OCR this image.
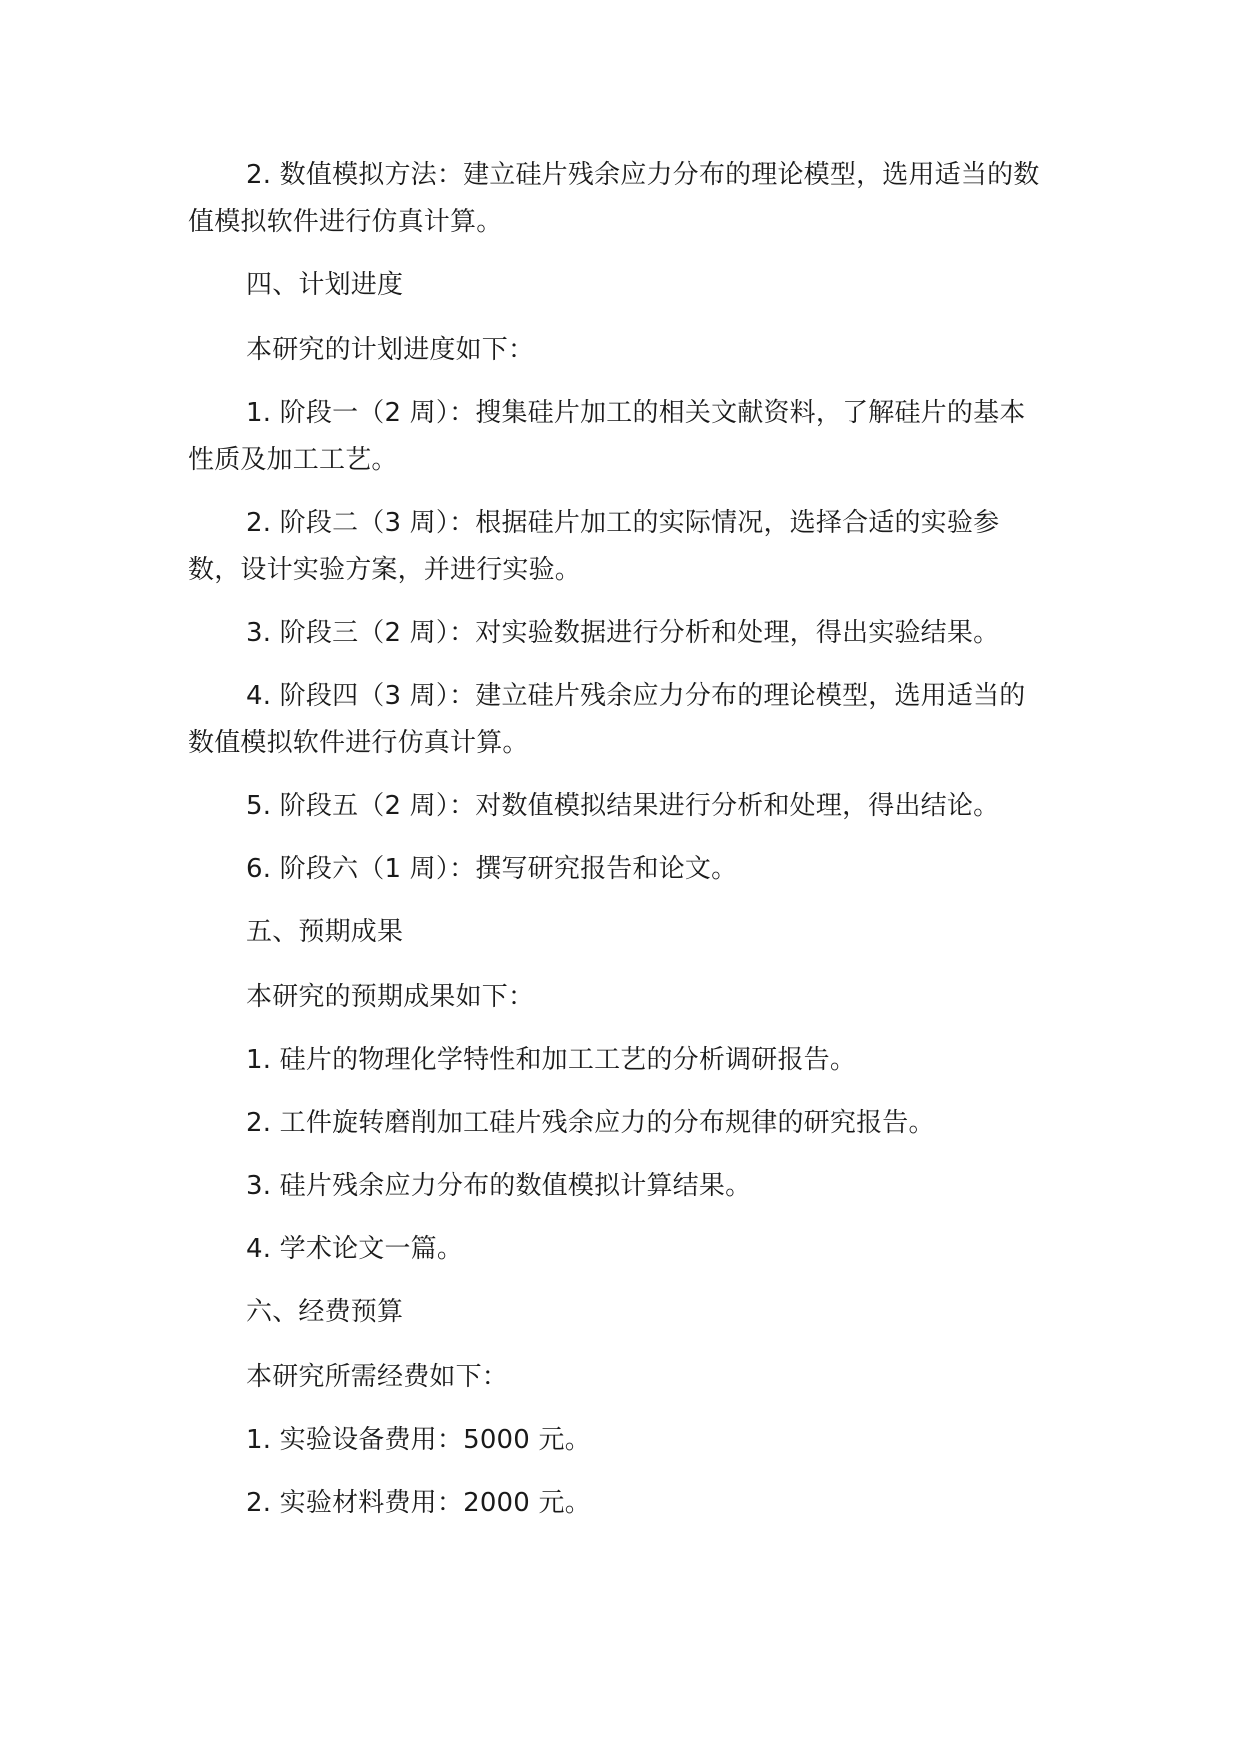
2. 数值模拟方法：建立硅片残余应力分布的理论模型，选用适当的数值模拟软件进行仿真计算。

四、计划进度

本研究的计划进度如下：

1. 阶段一（2 周）：搜集硅片加工的相关文献资料，了解硅片的基本性质及加工工艺。

2. 阶段二（3 周）：根据硅片加工的实际情况，选择合适的实验参数，设计实验方案，并进行实验。

3. 阶段三（2 周）：对实验数据进行分析和处理，得出实验结果。

4. 阶段四（3 周）：建立硅片残余应力分布的理论模型，选用适当的数值模拟软件进行仿真计算。

5. 阶段五（2 周）：对数值模拟结果进行分析和处理，得出结论。

6. 阶段六（1 周）：撰写研究报告和论文。

五、预期成果

本研究的预期成果如下：

1. 硅片的物理化学特性和加工工艺的分析调研报告。

2. 工件旋转磨削加工硅片残余应力的分布规律的研究报告。

3. 硅片残余应力分布的数值模拟计算结果。

4. 学术论文一篇。

六、经费预算

本研究所需经费如下：

1. 实验设备费用：5000 元。

2. 实验材料费用：2000 元。
